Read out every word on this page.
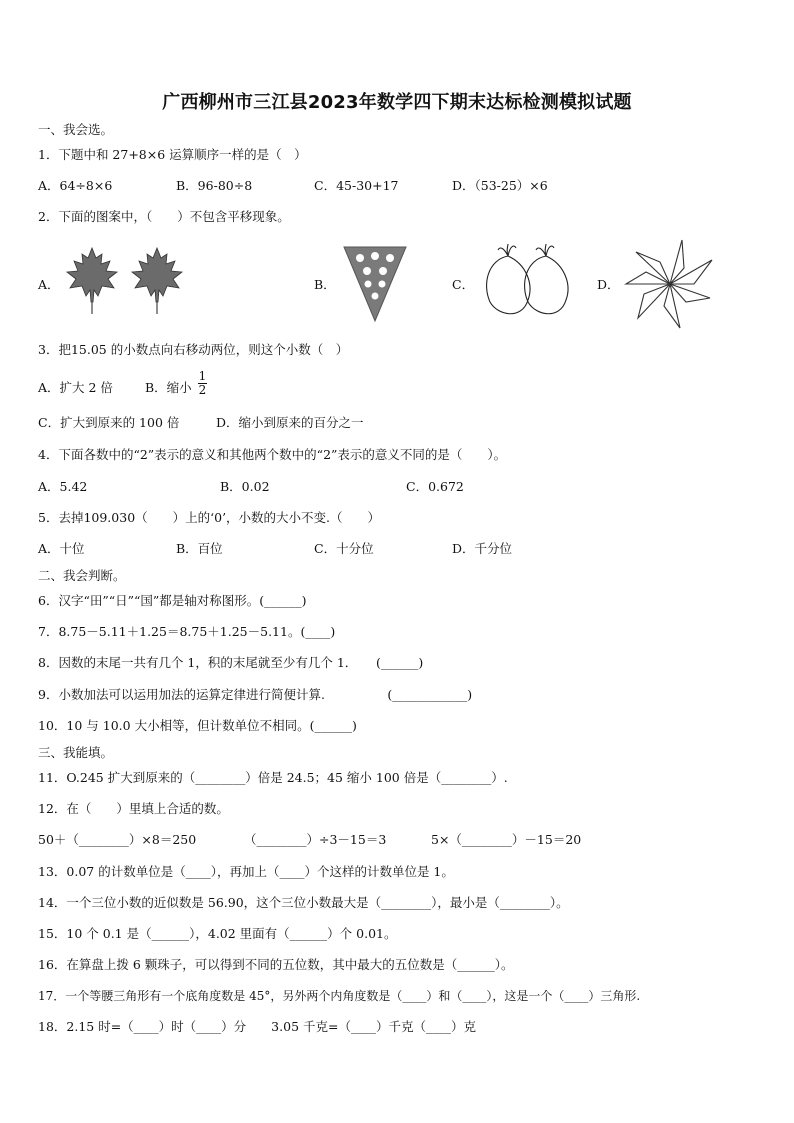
广西柳州市三江县2023年数学四下期末达标检测模拟试题
一、我会选。
1．下题中和 27+8×6 运算顺序一样的是（　）
A．64÷8×6	B．96-80÷8	C．45-30+17	D．（53-25）×6
2．下面的图案中，（　　）不包含平移现象。
A．	B．	C．	D．
3．把15.05 的小数点向右移动两位，则这个小数（　）
A．扩大 2 倍	B．缩小 $\frac{1}{2}$
C．扩大到原来的 100 倍	D．缩小到原来的百分之一
4．下面各数中的“2”表示的意义和其他两个数中的“2”表示的意义不同的是（　　）。
A．5.42	B．0.02	C．0.672
5．去掉109.030（　　）上的‘0’，小数的大小不变.（　　）
A．十位	B．百位	C．十分位	D．千分位
二、我会判断。
6．汉字“田”“日”“国”都是轴对称图形。(______)
7．8.75－5.11＋1.25＝8.75＋1.25－5.11。(____)
8．因数的末尾一共有几个 1，积的末尾就至少有几个 1．　　(______)
9．小数加法可以运用加法的运算定律进行简便计算.　　　　　(____________)
10．10 与 10.0 大小相等，但计数单位不相同。(______)
三、我能填。
11．O.245 扩大到原来的（________）倍是 24.5；45 缩小 100 倍是（________）.
12．在（　　）里填上合适的数。
50＋（________）×8＝250	（________）÷3－15＝3	5×（________）－15＝20
13．0.07 的计数单位是（____），再加上（____）个这样的计数单位是 1。
14．一个三位小数的近似数是 56.90，这个三位小数最大是（________），最小是（________）。
15．10 个 0.1 是（______），4.02 里面有（______）个 0.01。
16．在算盘上拨 6 颗珠子，可以得到不同的五位数，其中最大的五位数是（______）。
17．一个等腰三角形有一个底角度数是 45°，另外两个内角度数是（____）和（____），这是一个（____）三角形.
18．2.15 时=（____）时（____）分　　3.05 千克=（____）千克（____）克
